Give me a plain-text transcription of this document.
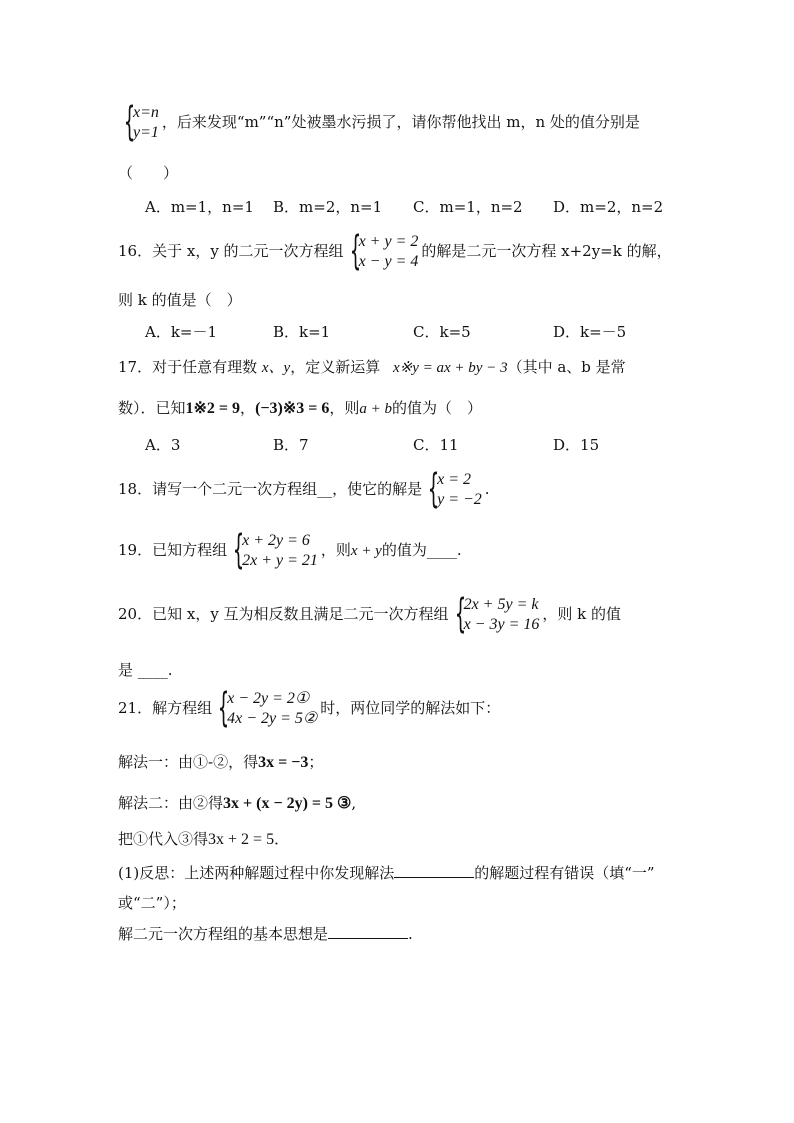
{
x=n
y=1
，后来发现“m”“n”处被墨水污损了，请你帮他找出 m，n 处的值分别是
（　　）
A．m=1，n=1 B．m=2，n=1 C．m=1，n=2 D．m=2，n=2
16．关于 x，y 的二元一次方程组 {
x + y = 2
x − y = 4
的解是二元一次方程 x+2y=k 的解，
则 k 的值是（　）
A．k=－1	B．k=1	C．k=5	D．k=－5
17．对于任意有理数 x、y，定义新运算 x※y = ax + by − 3（其中 a、b 是常
数）．已知1※2 = 9，(−3)※3 = 6，则a + b的值为（　）
A．3	B．7	C．11	D．15
18．请写一个二元一次方程组__，使它的解是 {
x = 2
y = −2
.
19．已知方程组 {
x + 2y = 6
2x + y = 21
，则x + y的值为____.
20．已知 x，y 互为相反数且满足二元一次方程组 {
2x + 5y = k
x − 3y = 16
，则 k 的值
是 ____.
21．解方程组 {
x − 2y = 2①
4x − 2y = 5②
时，两位同学的解法如下：
解法一：由①-②，得3x = −3；
解法二：由②得3x + (x − 2y) = 5 ③,
把①代入③得3x + 2 = 5．
(1)反思：上述两种解题过程中你发现解法	的解题过程有错误（填“一”
或“二”）；
解二元一次方程组的基本思想是	.
